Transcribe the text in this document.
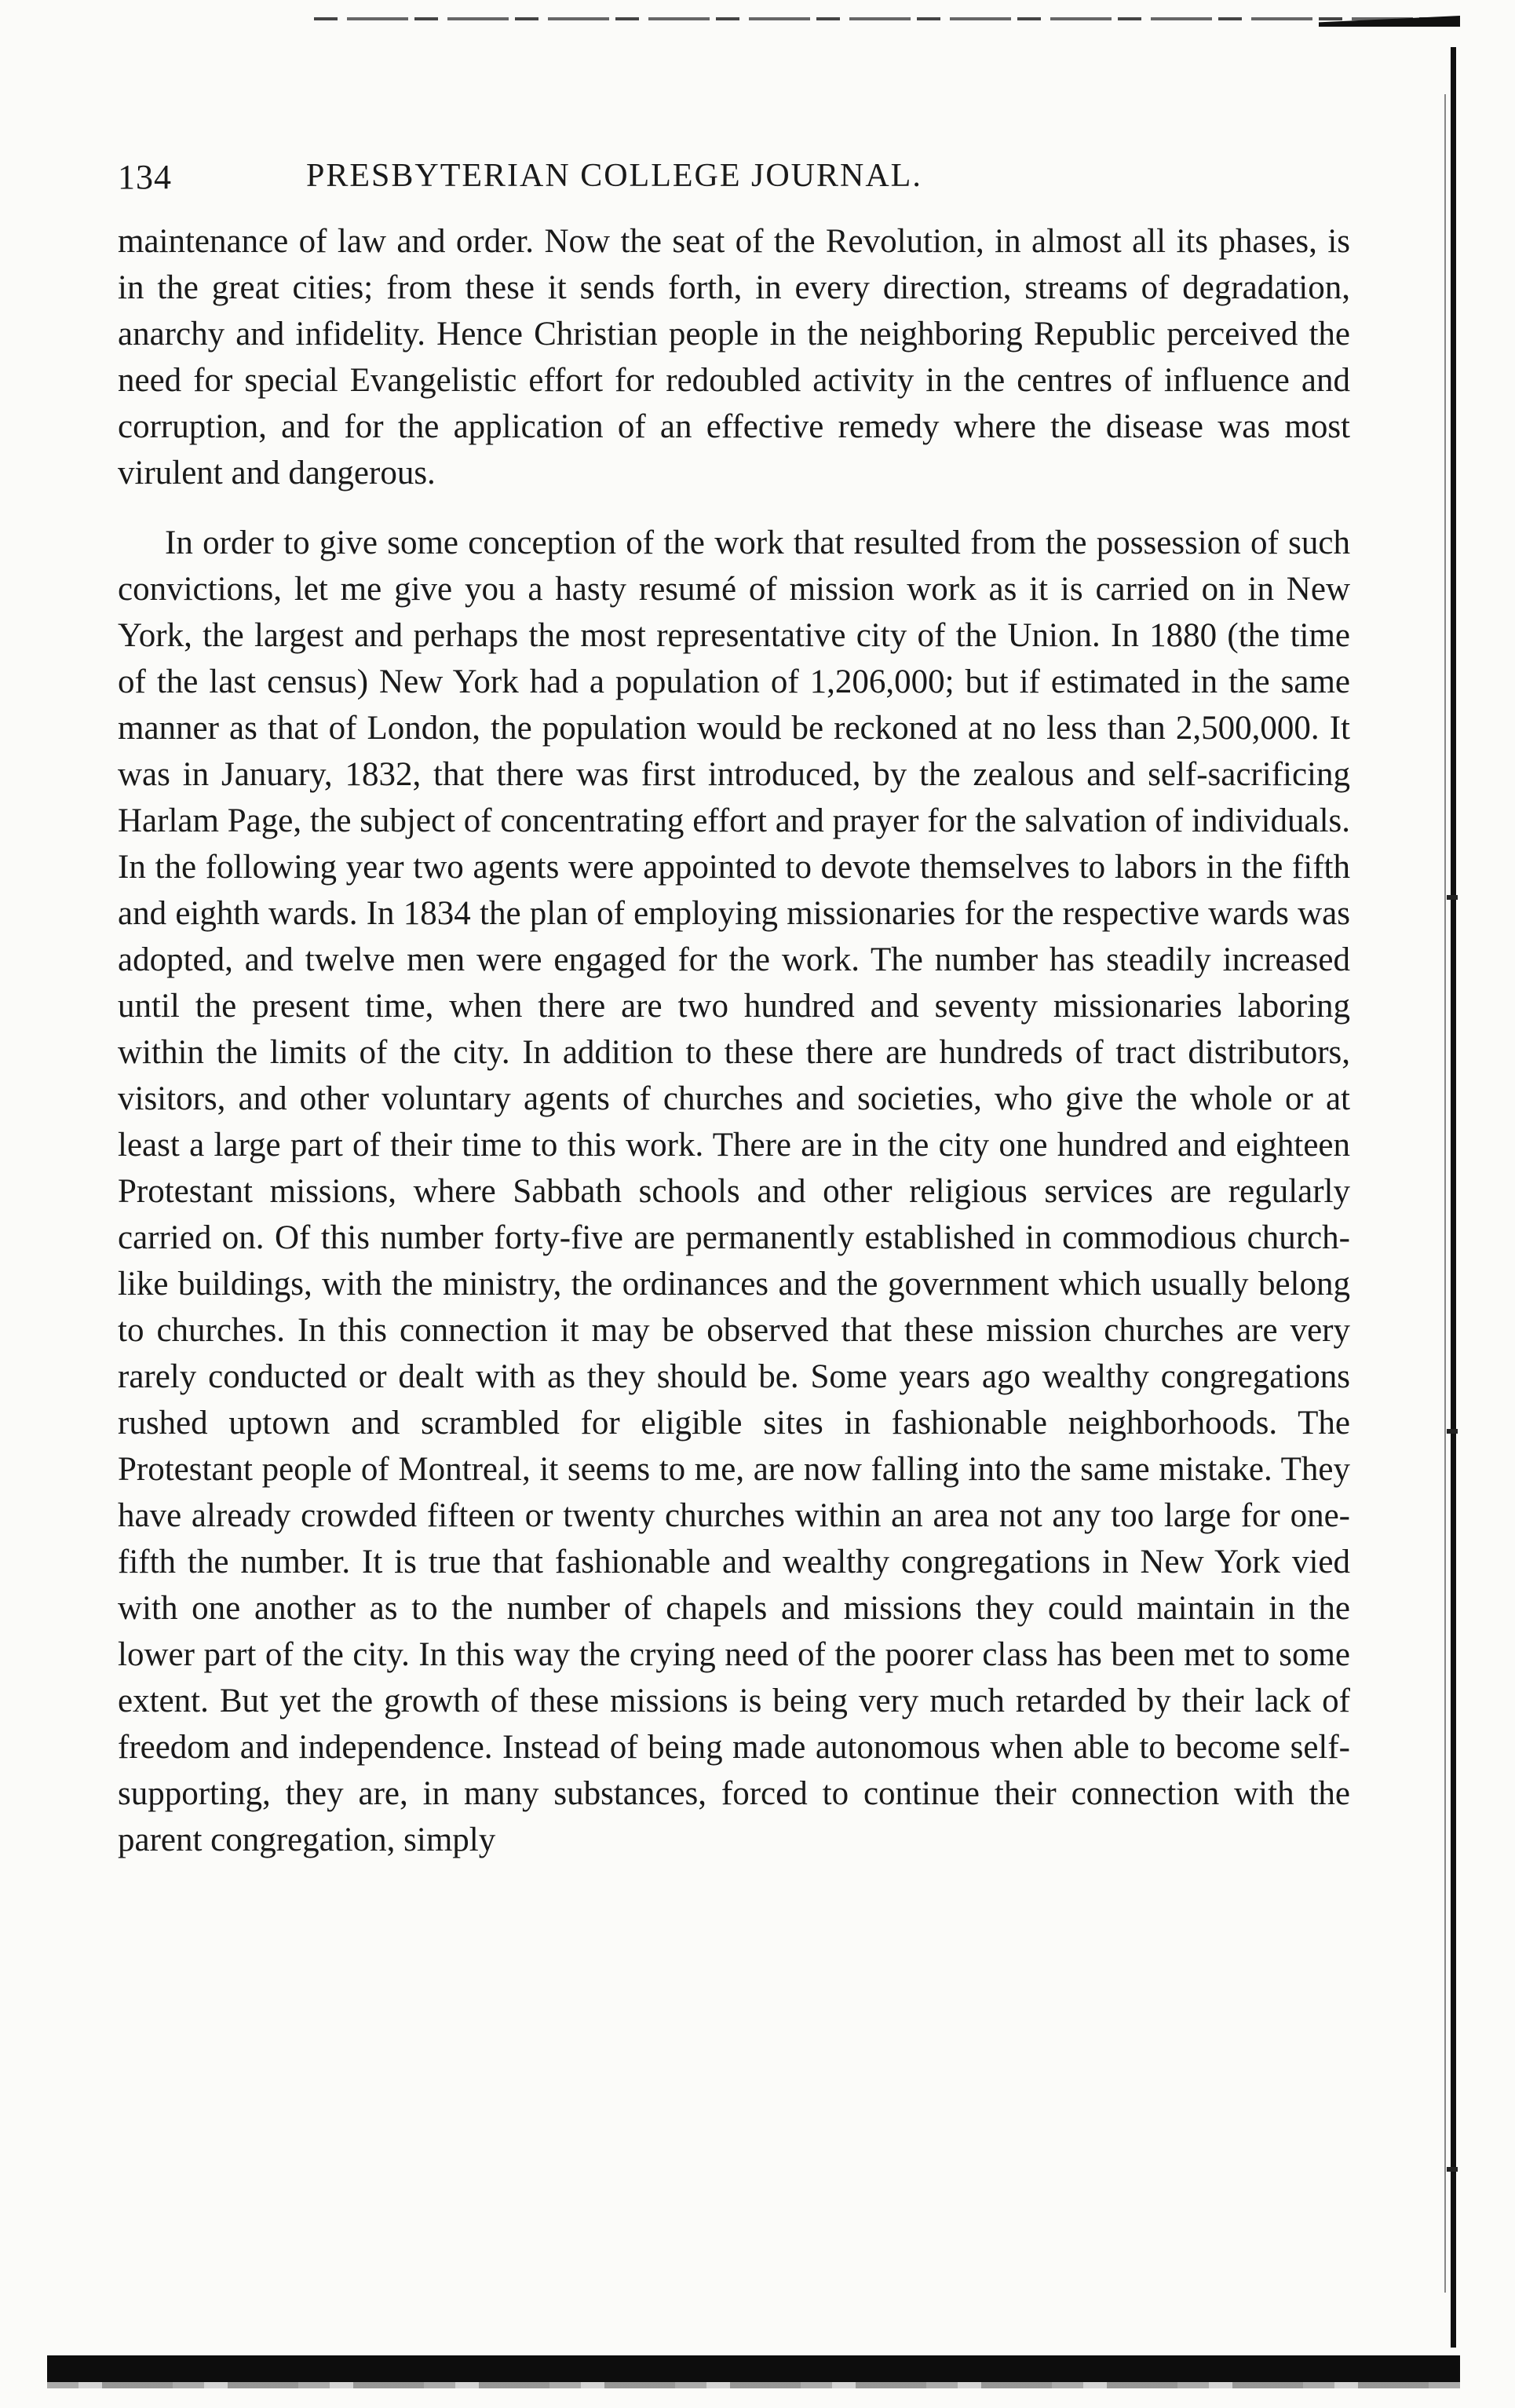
134	PRESBYTERIAN COLLEGE JOURNAL.

maintenance of law and order. Now the seat of the Revolution, in almost all its phases, is in the great cities; from these it sends forth, in every direction, streams of degradation, anarchy and infidelity. Hence Christian people in the neighboring Republic perceived the need for special Evangelistic effort for redoubled activity in the centres of influence and corruption, and for the application of an effective remedy where the disease was most virulent and dangerous.

In order to give some conception of the work that resulted from the possession of such convictions, let me give you a hasty resumé of mission work as it is carried on in New York, the largest and perhaps the most representative city of the Union. In 1880 (the time of the last census) New York had a population of 1,206,000; but if estimated in the same manner as that of London, the population would be reckoned at no less than 2,500,000. It was in January, 1832, that there was first introduced, by the zealous and self-sacrificing Harlam Page, the subject of concentrating effort and prayer for the salvation of individuals. In the following year two agents were appointed to devote themselves to labors in the fifth and eighth wards. In 1834 the plan of employing missionaries for the respective wards was adopted, and twelve men were engaged for the work. The number has steadily increased until the present time, when there are two hundred and seventy missionaries laboring within the limits of the city. In addition to these there are hundreds of tract distributors, visitors, and other voluntary agents of churches and societies, who give the whole or at least a large part of their time to this work. There are in the city one hundred and eighteen Protestant missions, where Sabbath schools and other religious services are regularly carried on. Of this number forty-five are permanently established in commodious church-like buildings, with the ministry, the ordinances and the government which usually belong to churches. In this connection it may be observed that these mission churches are very rarely conducted or dealt with as they should be. Some years ago wealthy congregations rushed uptown and scrambled for eligible sites in fashionable neighborhoods. The Protestant people of Montreal, it seems to me, are now falling into the same mistake. They have already crowded fifteen or twenty churches within an area not any too large for one-fifth the number. It is true that fashionable and wealthy congregations in New York vied with one another as to the number of chapels and missions they could maintain in the lower part of the city. In this way the crying need of the poorer class has been met to some extent. But yet the growth of these missions is being very much retarded by their lack of freedom and independence. Instead of being made autonomous when able to become self-supporting, they are, in many substances, forced to continue their connection with the parent congregation, simply
